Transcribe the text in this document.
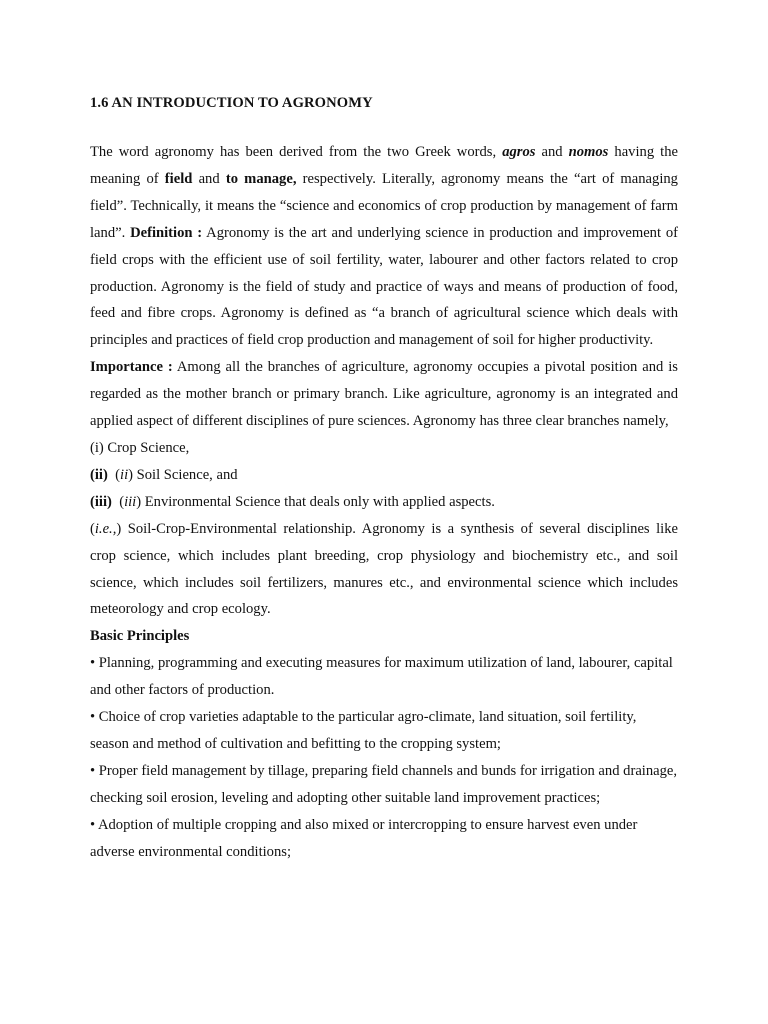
1.6 AN INTRODUCTION TO AGRONOMY

The word agronomy has been derived from the two Greek words, agros and nomos having the meaning of field and to manage, respectively. Literally, agronomy means the “art of managing field”. Technically, it means the “science and economics of crop production by management of farm land”. Definition : Agronomy is the art and underlying science in production and improvement of field crops with the efficient use of soil fertility, water, labourer and other factors related to crop production. Agronomy is the field of study and practice of ways and means of production of food, feed and fibre crops. Agronomy is defined as “a branch of agricultural science which deals with principles and practices of field crop production and management of soil for higher productivity.

Importance : Among all the branches of agriculture, agronomy occupies a pivotal position and is regarded as the mother branch or primary branch. Like agriculture, agronomy is an integrated and applied aspect of different disciplines of pure sciences. Agronomy has three clear branches namely,

(i) Crop Science,

(ii)  (ii) Soil Science, and

(iii)  (iii) Environmental Science that deals only with applied aspects.

(i.e.,) Soil-Crop-Environmental relationship. Agronomy is a synthesis of several disciplines like crop science, which includes plant breeding, crop physiology and biochemistry etc., and soil science, which includes soil fertilizers, manures etc., and environmental science which includes meteorology and crop ecology.

Basic Principles

• Planning, programming and executing measures for maximum utilization of land, labourer, capital and other factors of production.

• Choice of crop varieties adaptable to the particular agro-climate, land situation, soil fertility, season and method of cultivation and befitting to the cropping system;

• Proper field management by tillage, preparing field channels and bunds for irrigation and drainage, checking soil erosion, leveling and adopting other suitable land improvement practices;

• Adoption of multiple cropping and also mixed or intercropping to ensure harvest even under adverse environmental conditions;
